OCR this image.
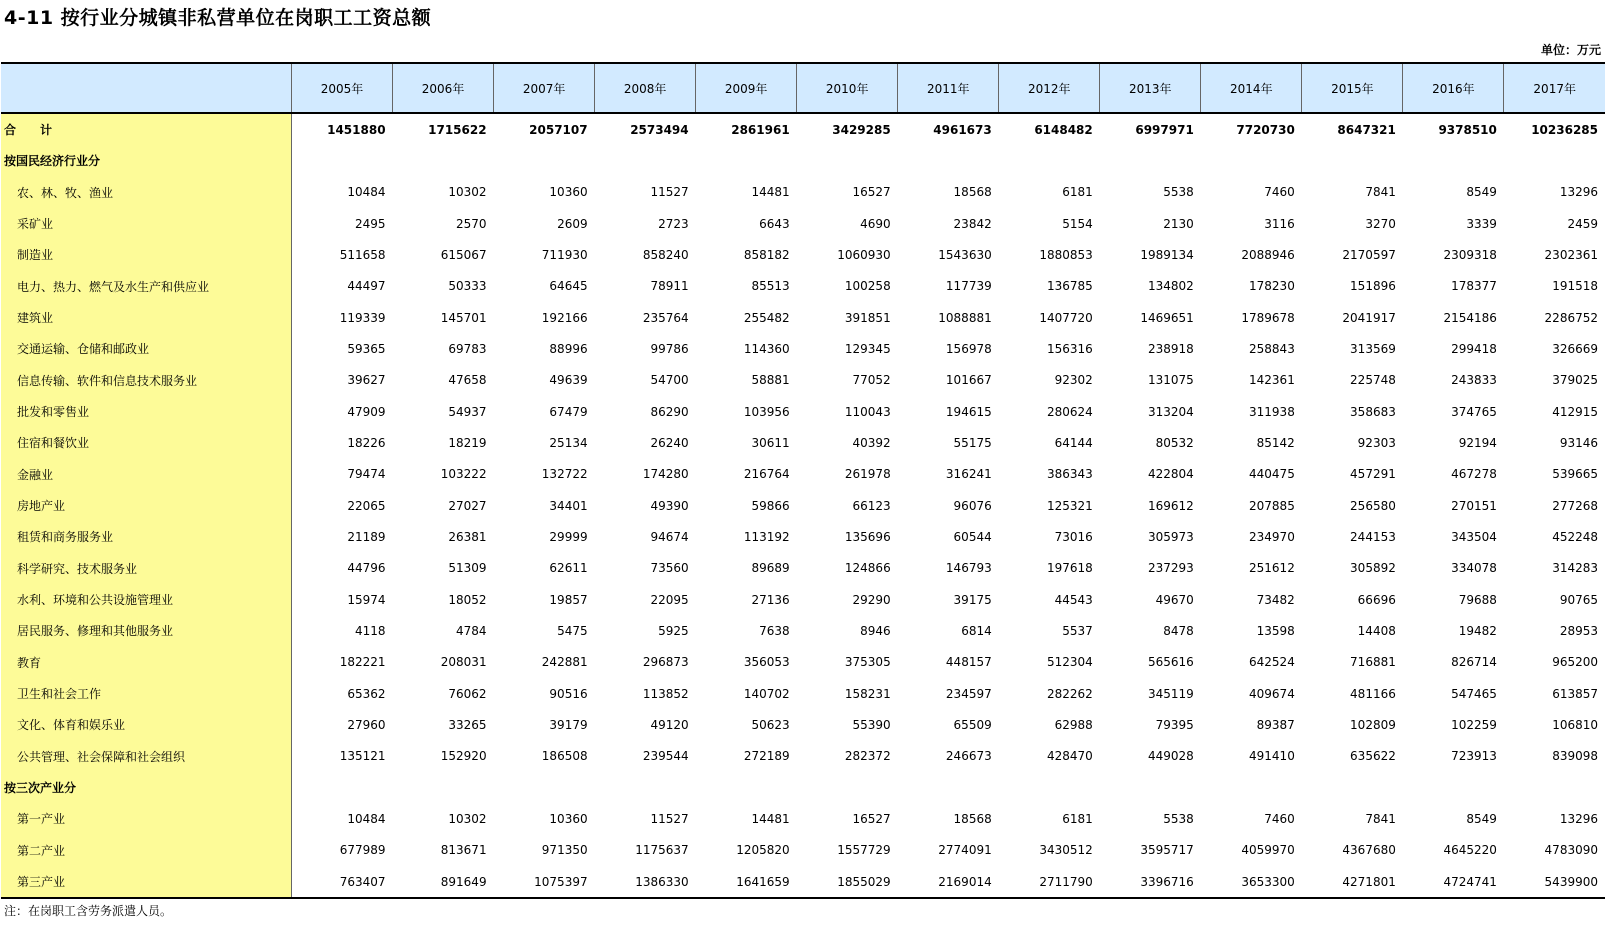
4-11 按行业分城镇非私营单位在岗职工工资总额
单位：万元
	2005年	2006年	2007年	2008年	2009年	2010年	2011年	2012年	2013年	2014年	2015年	2016年	2017年
合　　计	1451880	1715622	2057107	2573494	2861961	3429285	4961673	6148482	6997971	7720730	8647321	9378510	10236285
按国民经济行业分													
农、林、牧、渔业	10484	10302	10360	11527	14481	16527	18568	6181	5538	7460	7841	8549	13296
采矿业	2495	2570	2609	2723	6643	4690	23842	5154	2130	3116	3270	3339	2459
制造业	511658	615067	711930	858240	858182	1060930	1543630	1880853	1989134	2088946	2170597	2309318	2302361
电力、热力、燃气及水生产和供应业	44497	50333	64645	78911	85513	100258	117739	136785	134802	178230	151896	178377	191518
建筑业	119339	145701	192166	235764	255482	391851	1088881	1407720	1469651	1789678	2041917	2154186	2286752
交通运输、仓储和邮政业	59365	69783	88996	99786	114360	129345	156978	156316	238918	258843	313569	299418	326669
信息传输、软件和信息技术服务业	39627	47658	49639	54700	58881	77052	101667	92302	131075	142361	225748	243833	379025
批发和零售业	47909	54937	67479	86290	103956	110043	194615	280624	313204	311938	358683	374765	412915
住宿和餐饮业	18226	18219	25134	26240	30611	40392	55175	64144	80532	85142	92303	92194	93146
金融业	79474	103222	132722	174280	216764	261978	316241	386343	422804	440475	457291	467278	539665
房地产业	22065	27027	34401	49390	59866	66123	96076	125321	169612	207885	256580	270151	277268
租赁和商务服务业	21189	26381	29999	94674	113192	135696	60544	73016	305973	234970	244153	343504	452248
科学研究、技术服务业	44796	51309	62611	73560	89689	124866	146793	197618	237293	251612	305892	334078	314283
水利、环境和公共设施管理业	15974	18052	19857	22095	27136	29290	39175	44543	49670	73482	66696	79688	90765
居民服务、修理和其他服务业	4118	4784	5475	5925	7638	8946	6814	5537	8478	13598	14408	19482	28953
教育	182221	208031	242881	296873	356053	375305	448157	512304	565616	642524	716881	826714	965200
卫生和社会工作	65362	76062	90516	113852	140702	158231	234597	282262	345119	409674	481166	547465	613857
文化、体育和娱乐业	27960	33265	39179	49120	50623	55390	65509	62988	79395	89387	102809	102259	106810
公共管理、社会保障和社会组织	135121	152920	186508	239544	272189	282372	246673	428470	449028	491410	635622	723913	839098
按三次产业分													
第一产业	10484	10302	10360	11527	14481	16527	18568	6181	5538	7460	7841	8549	13296
第二产业	677989	813671	971350	1175637	1205820	1557729	2774091	3430512	3595717	4059970	4367680	4645220	4783090
第三产业	763407	891649	1075397	1386330	1641659	1855029	2169014	2711790	3396716	3653300	4271801	4724741	5439900
注：在岗职工含劳务派遣人员。
